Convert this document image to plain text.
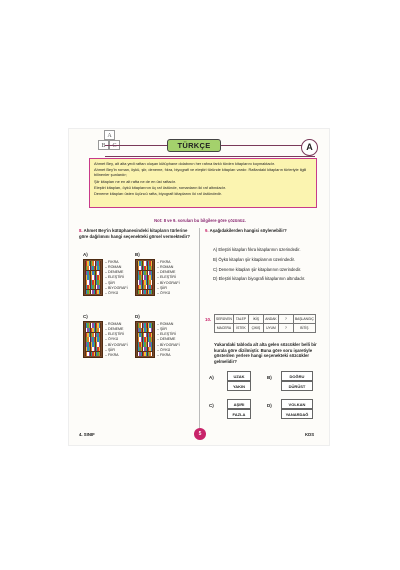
A
B	C	TÜRKÇE	A

Ahmet Bey, alt alta yedi raftan oluşan kütüphane dolabının her rafına farklı türden kitaplarını koymaktadır.

Ahmet Bey'in roman, öykü, şiir, deneme, fıkra, biyografi ve eleştiri türünde kitapları vardır. Raflardaki kitapların türleriyle ilgili bilinenler şunlardır;

Şiir kitapları ne en alt rafta ne de en üst raftadır.

Eleştiri kitapları, öykü kitaplarının üç raf üstünde, romanların iki raf altındadır.

Deneme kitapları üsten üçüncü rafta, biyografi kitaplarını iki raf üstündedir.

Not: 8 ve 9. soruları bu bilgilere göre çözünüz.
8. Ahmet Bey'in kütüphanesindeki kitapların türlerine göre dağılımını hangi seçenekteki görsel vermektedir?
A)
– FIKRA
– ROMAN
– DENEME
– ELEŞTİRİ
– ŞİİR
– BİYOGRAFİ
– ÖYKÜ
B)
– FIKRA
– ROMAN
– DENEME
– ELEŞTİRİ
– BİYOGRAFİ
– ŞİİR
– ÖYKÜ
C)
– ROMAN
– DENEME
– ELEŞTİRİ
– ÖYKÜ
– BİYOGRAFİ
– ŞİİR
– FIKRA
D)
– ROMAN
– ŞİİR
– ELEŞTİRİ
– DENEME
– BİYOGRAFİ
– ÖYKÜ
– FIKRA
9. Aşağıdakilerden hangisi söylenebilir?
A) Eleştiri kitapları fıkra kitaplarının üzerindedir.
B) Öykü kitapları şiir kitaplarının üzerindedir.
C) Deneme kitapları şiir kitaplarının üzerindedir.
D) Eleştiri kitapları biyografi kitaplarının altındadır.
10. SERÜVEN	TALEP	İKİŞ	ANDAK	?	BAŞLANGIÇ
MACERA	İSTEK	ÇIKIŞ	UYUM	?	BİTİŞ
Yukarıdaki tabloda alt alta gelen sözcükler belli bir kurala göre dizilmiştir. Buna göre soru işaretiyle gösterilen yerlere hangi seçenekteki sözcükler gelmelidir?
A)	UZAK
YAKIN
B)	DOĞRU
DÜRÜST
C)	AŞIRI
FAZLA
D)	VOLKAN
YANARDAĞ
4. SINIF	5	KDS
